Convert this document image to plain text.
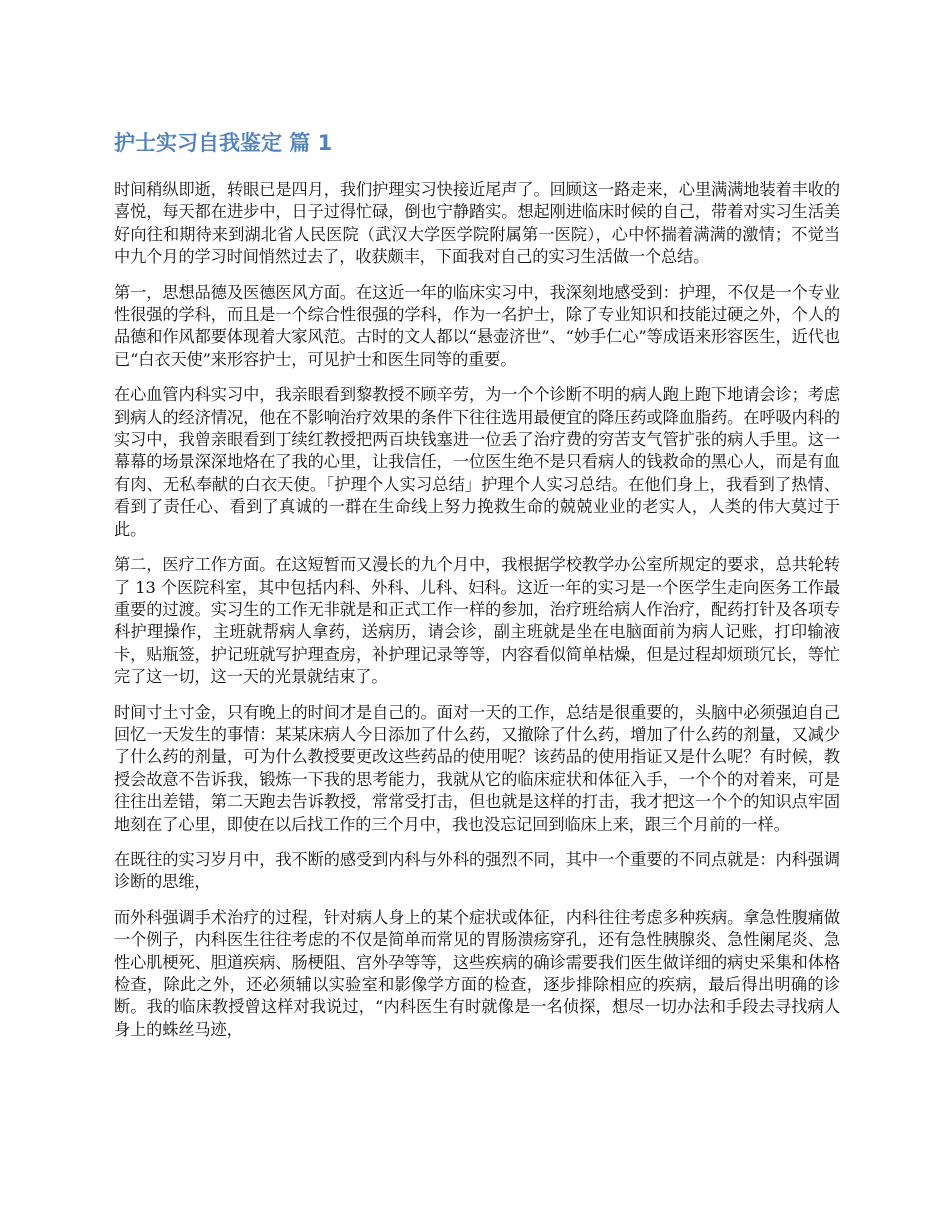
护士实习自我鉴定 篇 1

时间稍纵即逝，转眼已是四月，我们护理实习快接近尾声了。回顾这一路走来，心里满满地装着丰收的喜悦，每天都在进步中，日子过得忙碌，倒也宁静踏实。想起刚进临床时候的自己，带着对实习生活美好向往和期待来到湖北省人民医院（武汉大学医学院附属第一医院），心中怀揣着满满的激情；不觉当中九个月的学习时间悄然过去了，收获颇丰，下面我对自己的实习生活做一个总结。

第一，思想品德及医德医风方面。在这近一年的临床实习中，我深刻地感受到：护理，不仅是一个专业性很强的学科，而且是一个综合性很强的学科，作为一名护士，除了专业知识和技能过硬之外，个人的品德和作风都要体现着大家风范。古时的文人都以“悬壶济世”、“妙手仁心”等成语来形容医生，近代也已“白衣天使”来形容护士，可见护士和医生同等的重要。

在心血管内科实习中，我亲眼看到黎教授不顾辛劳，为一个个诊断不明的病人跑上跑下地请会诊；考虑到病人的经济情况，他在不影响治疗效果的条件下往往选用最便宜的降压药或降血脂药。在呼吸内科的实习中，我曾亲眼看到丁续红教授把两百块钱塞进一位丢了治疗费的穷苦支气管扩张的病人手里。这一幕幕的场景深深地烙在了我的心里，让我信任，一位医生绝不是只看病人的钱救命的黑心人，而是有血有肉、无私奉献的白衣天使。「护理个人实习总结」护理个人实习总结。在他们身上，我看到了热情、看到了责任心、看到了真诚的一群在生命线上努力挽救生命的兢兢业业的老实人，人类的伟大莫过于此。

第二，医疗工作方面。在这短暂而又漫长的九个月中，我根据学校教学办公室所规定的要求，总共轮转了 13 个医院科室，其中包括内科、外科、儿科、妇科。这近一年的实习是一个医学生走向医务工作最重要的过渡。实习生的工作无非就是和正式工作一样的参加，治疗班给病人作治疗，配药打针及各项专科护理操作，主班就帮病人拿药，送病历，请会诊，副主班就是坐在电脑面前为病人记账，打印输液卡，贴瓶签，护记班就写护理查房，补护理记录等等，内容看似简单枯燥，但是过程却烦琐冗长，等忙完了这一切，这一天的光景就结束了。

时间寸土寸金，只有晚上的时间才是自己的。面对一天的工作，总结是很重要的，头脑中必须强迫自己回忆一天发生的事情：某某床病人今日添加了什么药，又撤除了什么药，增加了什么药的剂量，又减少了什么药的剂量，可为什么教授要更改这些药品的使用呢？该药品的使用指证又是什么呢？有时候，教授会故意不告诉我，锻炼一下我的思考能力，我就从它的临床症状和体征入手，一个个的对着来，可是往往出差错，第二天跑去告诉教授，常常受打击，但也就是这样的打击，我才把这一个个的知识点牢固地刻在了心里，即使在以后找工作的三个月中，我也没忘记回到临床上来，跟三个月前的一样。

在既往的实习岁月中，我不断的感受到内科与外科的强烈不同，其中一个重要的不同点就是：内科强调诊断的思维，

而外科强调手术治疗的过程，针对病人身上的某个症状或体征，内科往往考虑多种疾病。拿急性腹痛做一个例子，内科医生往往考虑的不仅是简单而常见的胃肠溃疡穿孔，还有急性胰腺炎、急性阑尾炎、急性心肌梗死、胆道疾病、肠梗阻、宫外孕等等，这些疾病的确诊需要我们医生做详细的病史采集和体格检查，除此之外，还必须辅以实验室和影像学方面的检查，逐步排除相应的疾病，最后得出明确的诊断。我的临床教授曾这样对我说过，“内科医生有时就像是一名侦探，想尽一切办法和手段去寻找病人身上的蛛丝马迹，
